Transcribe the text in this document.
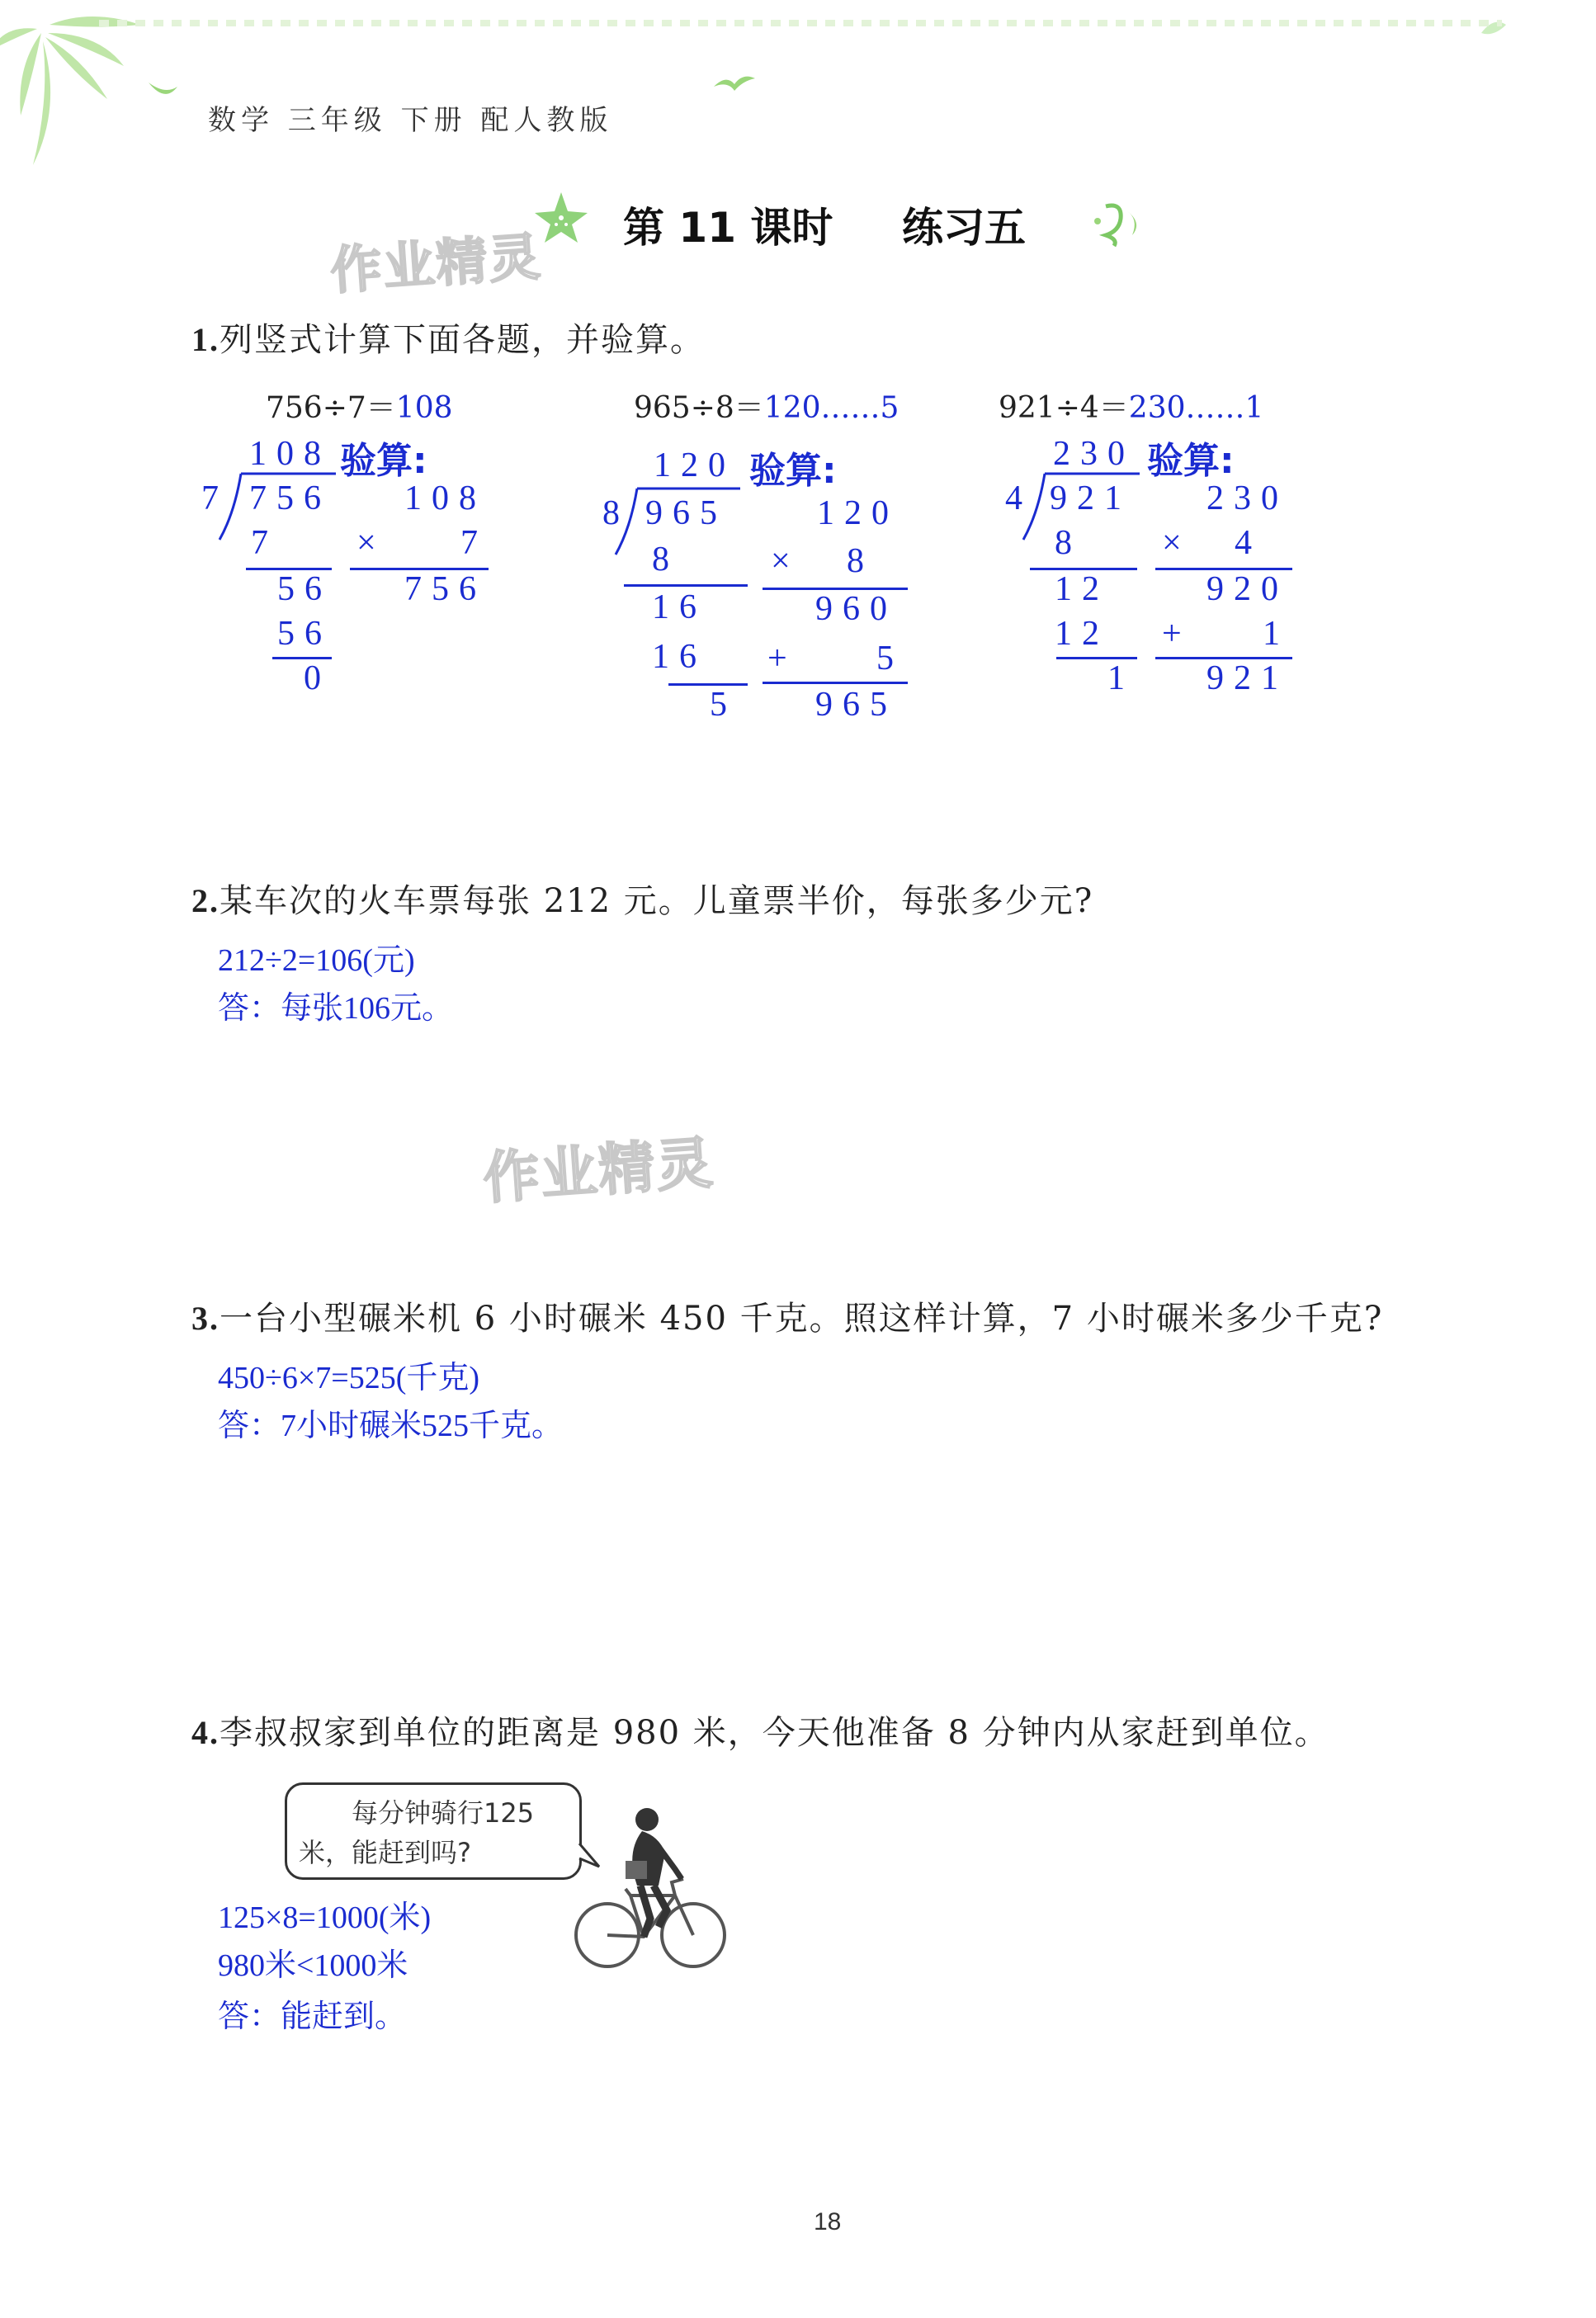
数学 三年级 下册 配人教版
第 11 课时 练习五
作业精灵
作业精灵
1.列竖式计算下面各题，并验算。
756÷7＝108
108
7 756
7
56
56
0
验算:
108
× 7
756
965÷8＝120……5
120
8 965
8
16
16
5
验算:
120
× 8
960
+ 5
965
921÷4＝230……1
230
4 921
8
12
12
1
验算:
230
× 4
920
+ 1
921
2.某车次的火车票每张 212 元。儿童票半价，每张多少元?
212÷2=106(元)
答：每张106元。
3.一台小型碾米机 6 小时碾米 450 千克。照这样计算，7 小时碾米多少千克?
450÷6×7=525(千克)
答：7小时碾米525千克。
4.李叔叔家到单位的距离是 980 米，今天他准备 8 分钟内从家赶到单位。
每分钟骑行125
米，能赶到吗?
125×8=1000(米)
980米<1000米
答：能赶到。
18
